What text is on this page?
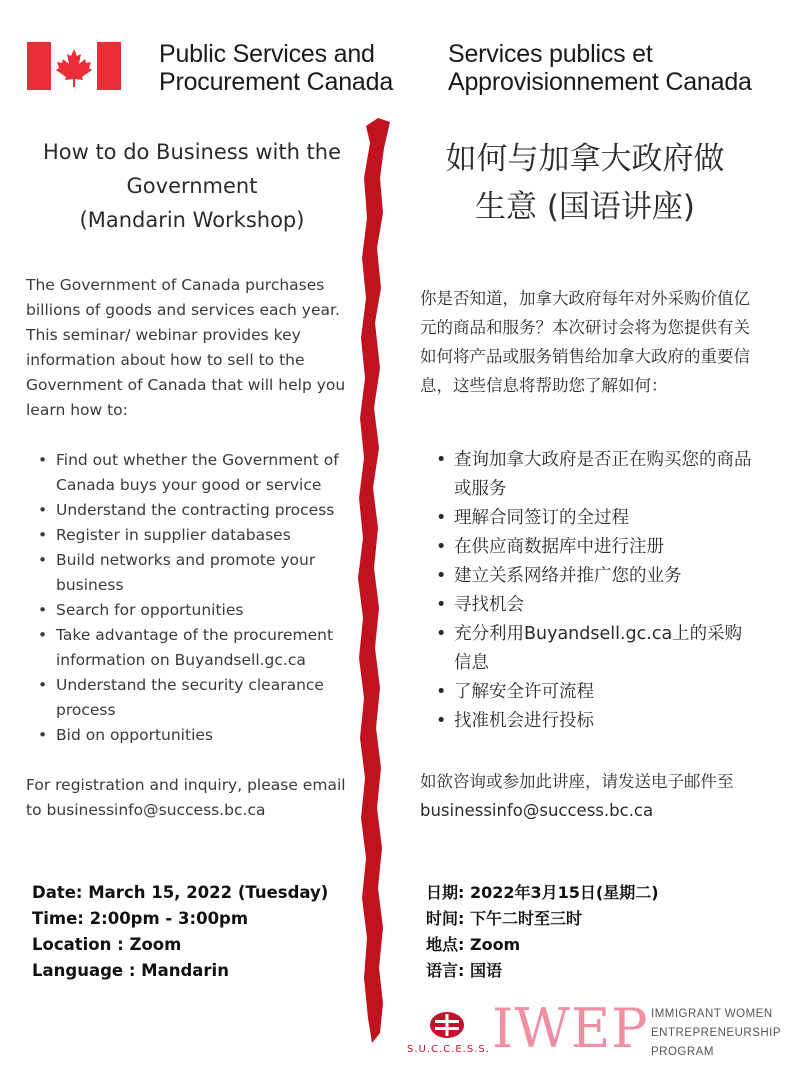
Public Services and
Procurement Canada
Services publics et
Approvisionnement Canada
How to do Business with the
Government
(Mandarin Workshop)
如何与加拿大政府做
生意 (国语讲座)

The Government of Canada purchases billions of goods and services each year. This seminar/ webinar provides key information about how to sell to the Government of Canada that will help you learn how to:

你是否知道，加拿大政府每年对外采购价值亿元的商品和服务？本次研讨会将为您提供有关如何将产品或服务销售给加拿大政府的重要信息，这些信息将帮助您了解如何：

• Find out whether the Government of Canada buys your good or service
• Understand the contracting process
• Register in supplier databases
• Build networks and promote your business
• Search for opportunities
• Take advantage of the procurement information on Buyandsell.gc.ca
• Understand the security clearance process
• Bid on opportunities
• 查询加拿大政府是否正在购买您的商品或服务
• 理解合同签订的全过程
• 在供应商数据库中进行注册
• 建立关系网络并推广您的业务
• 寻找机会
• 充分利用Buyandsell.gc.ca上的采购信息
• 了解安全许可流程
• 找准机会进行投标

For registration and inquiry, please email to businessinfo@success.bc.ca

如欲咨询或参加此讲座，请发送电子邮件至 businessinfo@success.bc.ca

Date: March 15, 2022 (Tuesday)
Time: 2:00pm - 3:00pm
Location : Zoom
Language : Mandarin
日期: 2022年3月15日(星期二)
时间: 下午二时至三时
地点: Zoom
语言: 国语
S.U.C.C.E.S.S. IWEP IMMIGRANT WOMEN
ENTREPRENEURSHIP
PROGRAM
